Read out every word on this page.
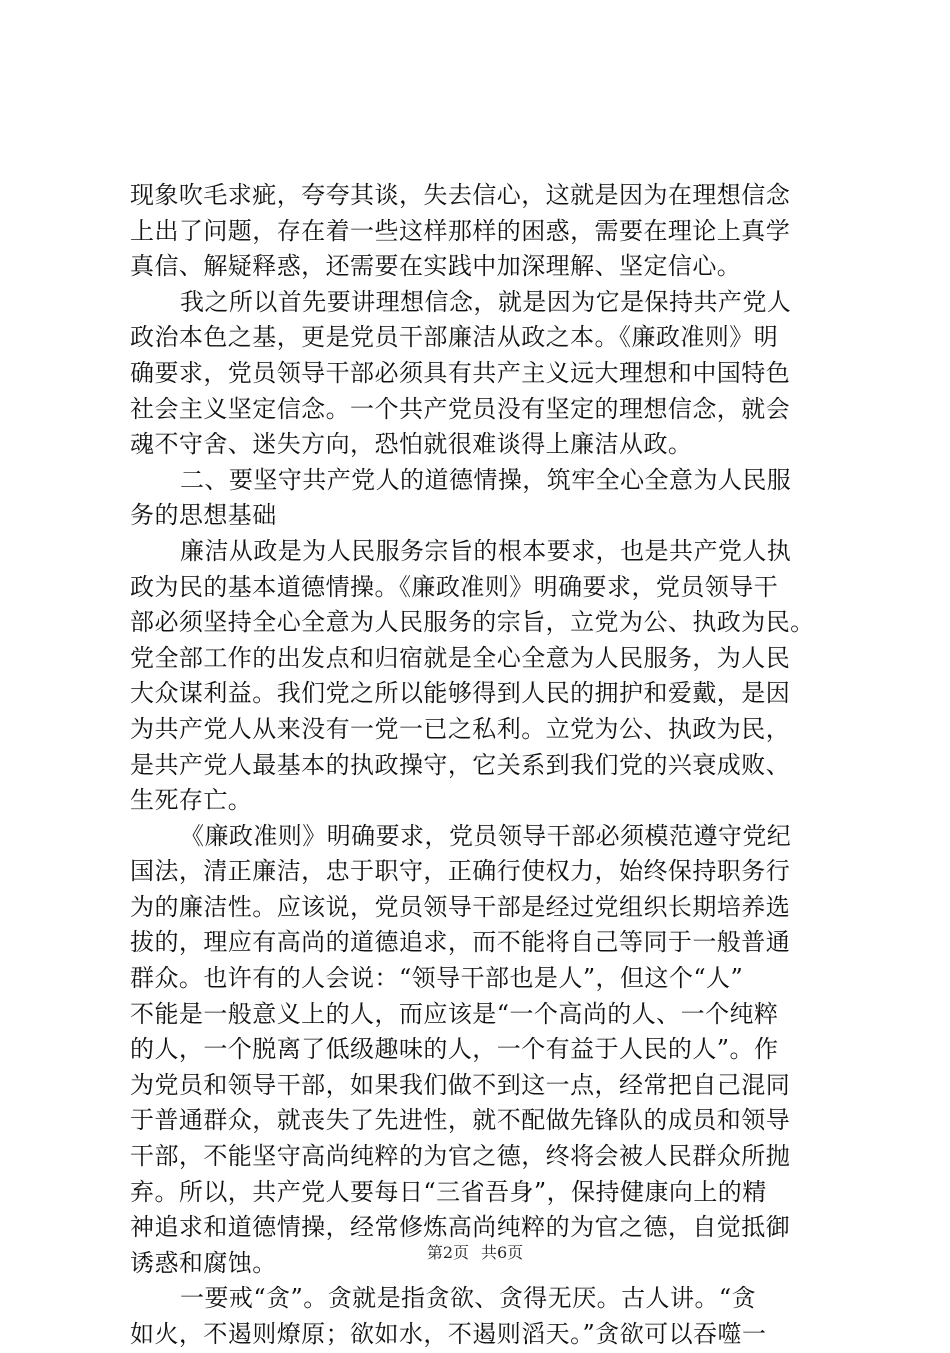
现象吹毛求疵，夸夸其谈，失去信心，这就是因为在理想信念
上出了问题，存在着一些这样那样的困惑，需要在理论上真学
真信、解疑释惑，还需要在实践中加深理解、坚定信心。
我之所以首先要讲理想信念，就是因为它是保持共产党人
政治本色之基，更是党员干部廉洁从政之本。《廉政准则》明
确要求，党员领导干部必须具有共产主义远大理想和中国特色
社会主义坚定信念。一个共产党员没有坚定的理想信念，就会
魂不守舍、迷失方向，恐怕就很难谈得上廉洁从政。
二、要坚守共产党人的道德情操，筑牢全心全意为人民服
务的思想基础
廉洁从政是为人民服务宗旨的根本要求，也是共产党人执
政为民的基本道德情操。《廉政准则》明确要求，党员领导干
部必须坚持全心全意为人民服务的宗旨，立党为公、执政为民。
党全部工作的出发点和归宿就是全心全意为人民服务，为人民
大众谋利益。我们党之所以能够得到人民的拥护和爱戴，是因
为共产党人从来没有一党一已之私利。立党为公、执政为民，
是共产党人最基本的执政操守，它关系到我们党的兴衰成败、
生死存亡。
《廉政准则》明确要求，党员领导干部必须模范遵守党纪
国法，清正廉洁，忠于职守，正确行使权力，始终保持职务行
为的廉洁性。应该说，党员领导干部是经过党组织长期培养选
拔的，理应有高尚的道德追求，而不能将自己等同于一般普通
群众。也许有的人会说：“领导干部也是人”，但这个“人”
不能是一般意义上的人，而应该是“一个高尚的人、一个纯粹
的人，一个脱离了低级趣味的人，一个有益于人民的人”。作
为党员和领导干部，如果我们做不到这一点，经常把自己混同
于普通群众，就丧失了先进性，就不配做先锋队的成员和领导
干部，不能坚守高尚纯粹的为官之德，终将会被人民群众所抛
弃。所以，共产党人要每日“三省吾身”，保持健康向上的精
神追求和道德情操，经常修炼高尚纯粹的为官之德，自觉抵御
诱惑和腐蚀。
一要戒“贪”。贪就是指贪欲、贪得无厌。古人讲。“贪
如火，不遏则燎原；欲如水，不遏则滔天。”贪欲可以吞噬一
第2页 共6页
